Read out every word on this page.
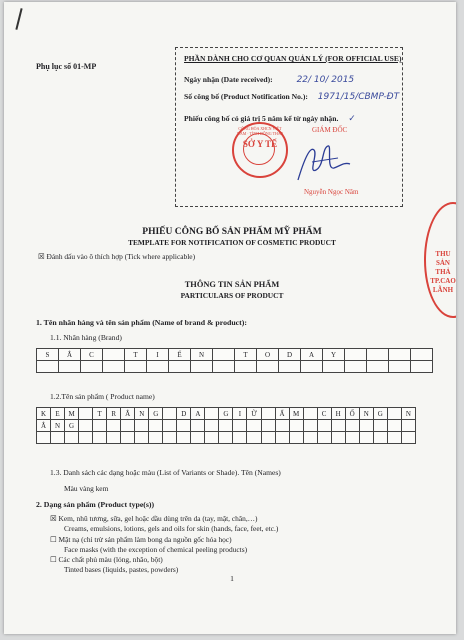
Phụ lục số 01-MP
PHẦN DÀNH CHO CƠ QUAN QUẢN LÝ (FOR OFFICIAL USE)
Ngày nhận (Date received):	22/ 10/ 2015
Số công bố (Product Notification No.): 1971/15/CBMP-ĐT
Phiếu công bố có giá trị 5 năm kể từ ngày nhận. ✓
CỘNG HÒA XHCN VIỆT NAM · TỈNH ĐỒNG THÁP
SỞ Y TẾ
GIÁM ĐỐC
Nguyễn Ngọc Năm
THU SẢN THẢ TP.CAO LÃNH
PHIẾU CÔNG BỐ SẢN PHẨM MỸ PHẨM
TEMPLATE FOR NOTIFICATION OF COSMETIC PRODUCT
☒ Đánh dấu vào ô thích hợp (Tick where applicable)
THÔNG TIN SẢN PHẨM
PARTICULARS OF PRODUCT
1. Tên nhãn hàng và tên sản phẩm (Name of brand & product):
1.1. Nhãn hàng (Brand)
S	Ắ	C		T	I	Ế	N		T	O	D	A	Y				

1.2.Tên sản phẩm ( Product name)
K	E	M		T	R	Ắ	N	G		D	A		G	I	Ữ		Ẩ	M		C	H	Ố	N	G		N
Ắ	N	G																								

1.3. Danh sách các dạng hoặc màu (List of Variants or Shade). Tên (Names)
Màu vàng kem
2. Dạng sản phẩm (Product type(s))
☒ Kem, nhũ tương, sữa, gel hoặc dầu dùng trên da (tay, mặt, chân,…)
Creams, emulsions, lotions, gels and oils for skin (hands, face, feet, etc.)
☐ Mặt nạ (chỉ trừ sản phẩm làm bong da nguồn gốc hóa học)
Face masks (with the exception of chemical peeling products)
☐ Các chất phủ màu (lỏng, nhão, bột)
Tinted bases (liquids, pastes, powders)
1
